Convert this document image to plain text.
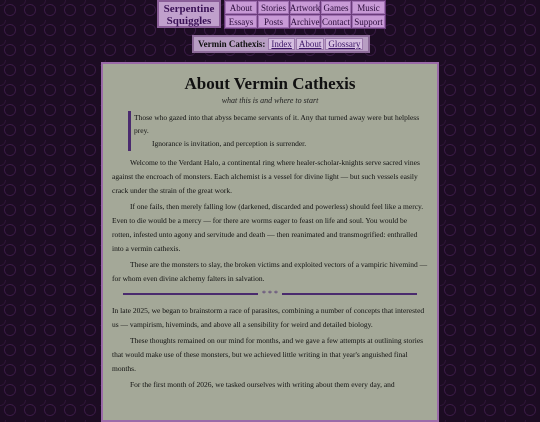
Serpentine
Squiggles
About Stories Artwork Games Music
Essays	Posts Archive Contact Support
Vermin Cathexis: Index About Glossary
About Vermin Cathexis
what this is and where to start

Those who gazed into that abyss became servants of it. Any that turned away were but helpless prey.

Ignorance is invitation, and perception is surrender.

Welcome to the Verdant Halo, a continental ring where healer-scholar-knights serve sacred vines against the encroach of monsters. Each alchemist is a vessel for divine light — but such vessels easily crack under the strain of the great work.

If one fails, then merely falling low (darkened, discarded and powerless) should feel like a mercy. Even to die would be a mercy — for there are worms eager to feast on life and soul. You would be rotten, infested unto agony and servitude and death — then reanimated and transmogrified: enthralled into a vermin cathexis.

These are the monsters to slay, the broken victims and exploited vectors of a vampiric hivemind — for whom even divine alchemy falters in salvation.

* * *

In late 2025, we began to brainstorm a race of parasites, combining a number of concepts that interested us — vampirism, hiveminds, and above all a sensibility for weird and detailed biology.

These thoughts remained on our mind for months, and we gave a few attempts at outlining stories that would make use of these monsters, but we achieved little writing in that year's anguished final months.

For the first month of 2026, we tasked ourselves with writing about them every day, and
